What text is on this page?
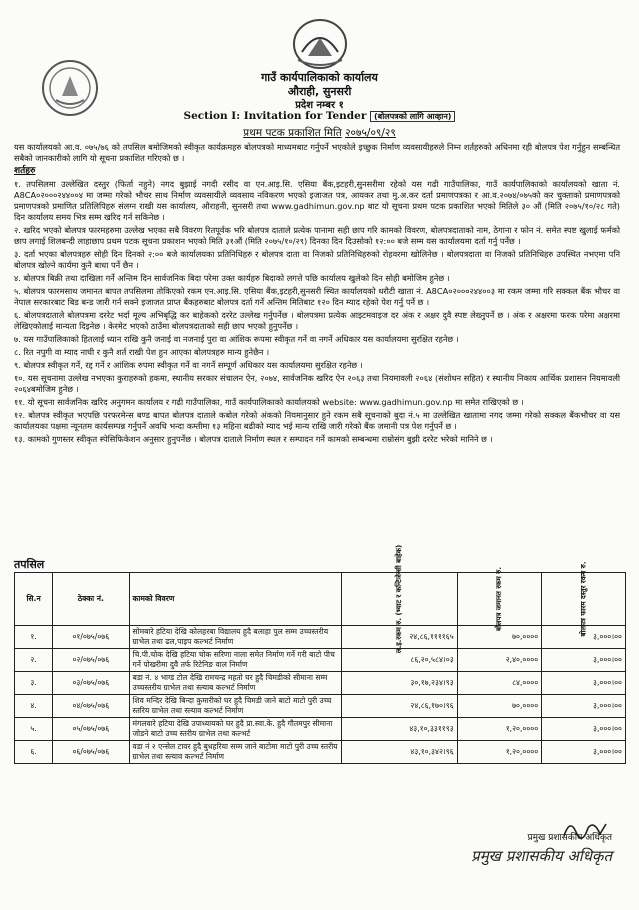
गाउँ कार्यपालिकाको कार्यालय
औराही, सुनसरी
प्रदेश नम्बर १
Section I: Invitation for Tender (बोलपत्रको लागि आव्हान)
प्रथम पटक प्रकाशित मिति २०७५/०९/२९

यस कार्यालयको आ.व. ०७५/७६ को तपसिल बमोजिमको स्वीकृत कार्यक्रमहरु बोलपत्रको माध्यमबाट गर्नुपर्ने भएकोले इच्छुक निर्माण व्यवसायीहरुले निम्न शर्तहरुको अधिनमा रही बोलपत्र पेश गर्नुहुन सम्बन्धित सबैको जानकारीको लागि यो सूचना प्रकाशित गरिएको छ ।

शर्तहरु

१. तपसिलमा उल्लेखित दस्तुर (फिर्ता नहुने) नगद बुझाई नगदी रसीद वा एन.आइ.सि. एसिया बैंक,इटहरी,सुनसरीमा रहेको यस गढी गाउँपालिका, गाउँ कार्यपालिकाको कार्यालयको खाता नं. A8CA०२०००२४४००४ मा जम्मा गरेको भौचर साथ निर्माण व्यवसायीले व्यवसाय नविकरण भएको इजाजत पत्र, आयकर तथा मु.अ.कर दर्ता प्रमाणपत्रका र आ.व.२०७४/०७५को कर चुक्ताको प्रमाणपत्रको प्रमाणपत्रको प्रमाणित प्रतिलिपिहरु संलग्न राखी यस कार्यालय, औराहनी, सुनसरी तथा www.gadhimun.gov.np बाट यो सूचना प्रथम पटक प्रकाशित भएको मितिले ३० औं (मिति २०७५/१०/२८ गते) दिन कार्यालय समय भित्र सम्म खरिद गर्न सकिनेछ ।

२. खरिद भएको बोलपत्र फारमहरुमा उल्लेख भएका सबै विवरण रितपूर्वक भरि बोलपत्र दाताले प्रत्येक पानामा सही छाप गरि कामको विवरण, बोलपत्रदाताको नाम, ठेगाना र फोन नं. समेत स्पष्ट खुलाई फर्मको छाप लगाई शिलबन्दी लाहाछाप प्रथम पटक सूचना प्रकाशन भएको मिति ३१औं (मिति २०७५/१०/२९) दिनका दिन दिउसोको १२:०० बजे सम्म यस कार्यालयमा दर्ता गर्नु पर्नेछ ।

३. दर्ता भएका बोलपत्रहरु सोही दिन दिनको २:०० बजे कार्यालयका प्रतिनिधिहरु र बोलपत्र दाता वा निजको प्रतिनिधिहरुको रोहवरमा खोलिनेछ । बोलपत्रदाता वा निजको प्रतिनिधिहरु उपस्थित नभएमा पनि बोलपत्र खोल्ने कार्यमा कुनै बाधा पर्ने छैन ।

४. बोलपत्र बिक्री तथा दाखिला गर्ने अन्तिम दिन सार्वजनिक बिदा परेमा उक्त कार्यहरु बिदाको लगत्ते पछि कार्यालय खुलेको दिन सोही बमोजिम हुनेछ ।

५. बोलपत्र फारमसाथ जमानत बापत तपसिलमा तोकिएको रकम एन.आइ.सि. एसिया बैंक,इटहरी,सुनसरी स्थित कार्यालयको धरौटी खाता नं. A8CA०२०००२४४००३ मा रकम जम्मा गरि सक्कल बैंक भौचर वा नेपाल सरकारबाट बिड बन्ड जारी गर्न सक्ने इजाजत प्राप्त बैंकहरुबाट बोलपत्र दर्ता गर्ने अन्तिम मितिबाट १२० दिन म्याद रहेको पेश गर्नु पर्ने छ ।

६. बोलपत्रदाताले बोलपत्रमा दररेट भर्दा मूल्य अभिबृद्धि कर बाहेकको दररेट उल्लेख गर्नुपर्नेछ । बोलपत्रमा प्रत्येक आइटमवाइज दर अंक र अक्षर दुवै स्पष्ट लेख्नुपर्ने छ । अंक र अक्षरमा फरक परेमा अक्षरमा लेखिएकोलाई मान्यता दिइनेछ । केरमेट भएको ठाउँमा बोलपत्रदाताको सही छाप भएको हुनुपर्नेछ ।

७. यस गाउँपालिकाको हितलाई ध्यान राखि कुनै जनाई वा नजनाई पुरा वा आंशिक रूपमा स्वीकृत गर्ने वा नगर्ने अधिकार यस कार्यालयमा सुरक्षित रहनेछ ।

८. रित नपुगी वा म्याद नाघी र कुनै शर्त राखी पेश हुन आएका बोलपत्रहरु मान्य हुनेछैन ।

९. बोलपत्र स्वीकृत गर्ने, रद्द गर्ने र आंशिक रुपमा स्वीकृत गर्ने वा नगर्ने सम्पूर्ण अधिकार यस कार्यालयमा सुरक्षित रहनेछ ।

१०. यस सूचनामा उल्लेख नभएका कुराहरुको हकमा, स्थानीय सरकार संचालन ऐन, २०७४, सार्वजनिक खरिद ऐन २०६३ तथा नियमावली २०६४ (संशोधन सहित) र स्थानीय निकाय आर्थिक प्रशासन नियमावली २०६४बमोजिम हुनेछ ।

११. यो सूचना सार्वजनिक खरिद अनुगमन कार्यालय र गढी गाउँपालिका, गाउँ कार्यपालिकाको कार्यालयको website: www.gadhimun.gov.np मा समेत राखिएको छ ।

१२. बोलपत्र स्वीकृत भएपछि परफरमेन्स बण्ड बापत बोलपत्र दाताले कबोल गरेको अंकको नियमानुसार हुने रकम सबै सूचनाको बुदा नं.५ मा उल्लेखित खातामा नगद जम्मा गरेको सक्कल बैंकभौचर वा यस कार्यालयका पक्षमा न्यूनतम कार्यसम्पन्न गर्नुपर्ने अवधि भन्दा कम्तीमा १३ महिना बढीको म्याद भई मान्य राखि जारी गरेको बैंक जमानी पत्र पेश गर्नुपर्ने छ ।

१३. कामको गुणस्तर स्वीकृत स्पेसिफिकेशन अनुसार हुनुपर्नेछ । बोलपत्र दाताले निर्माण स्थल र सम्पादन गर्ने कामको सम्बन्धमा राम्रोसंग बुझी दररेट भरेको मानिने छ ।

तपसिल
सि.न	ठेक्का नं.	कामको विवरण	ल.इ.रकम रु. (भ्याट र कन्टिजेन्सी बाहेक)	बोलपत्र जमानत रकम रु.	बोलपत्र फारम दस्तुर रकम रु.
१.	०१/०७५/०७६	सोमबारे हटिया देखि कोलहरबा विद्यालय हुदै बलाहा पुल सम्म उच्चस्तरीय ग्राभेल तथा ढल,पाइप कल्भर्ट निर्माण	२४,८६,११११६५	७०,००००	३,०००।००
२.	०२/०७५/०७६	चि.पी.चोक देखि हटिया चोक सरिणा नाला समेत निर्माण गर्ने गरी बाटो पीच गर्ने पोखरीमा दुवै तर्फ रिटेनिङ वाल निर्माण	८६,२०,५८४।०३	२,४०,००००	३,०००।००
३.	०३/०७५/०७६	बडा नं. ४ भाग्ड टोल देखि रामचन्द्र महतो घर हुदै चिमडीको सीमाना सम्म उच्चस्तरीय ग्राभेल तथा स्ल्याब कल्भर्ट निर्माण	३०,१७,२३४।९३	८४,००००	३,०००।००
४.	०४/०७५/०७६	शिव मन्दिर देखि बिन्दा कुमारीको घर हुदै चिमडी जाने बाटो माटो पुरी उच्च स्तरिय ग्राभेल तथा स्ल्याव कल्भर्ट निर्माण	२४,८६,१७०।९६	७०,००००	३,०००।००
५.	०५/०७५/०७६	मंगलवारे हटिया देखि उपाध्यायको घर हुदै प्रा.स्वा.के. हुदै गौतमपुर सीमाना जोडने बाटो उच्च स्तरीय ग्राभेल तथा कल्भर्ट	४३,१०,३३११९३	१,२०,००००	३,०००।००
६.	०६/०७५/०७६	वडा नं २ एन्सेल टावर हुदै बुधहरिया सम्म जाने बाटोमा माटो पुरी उच्च स्तरीय ग्राभेल तथा स्ल्याव कल्भर्ट निर्माण	४३,१०,३४२।९६	१,२०,००००	३,०००।००
प्रमुख प्रशासकीय अधिकृत
प्रमुख प्रशासकीय अधिकृत
